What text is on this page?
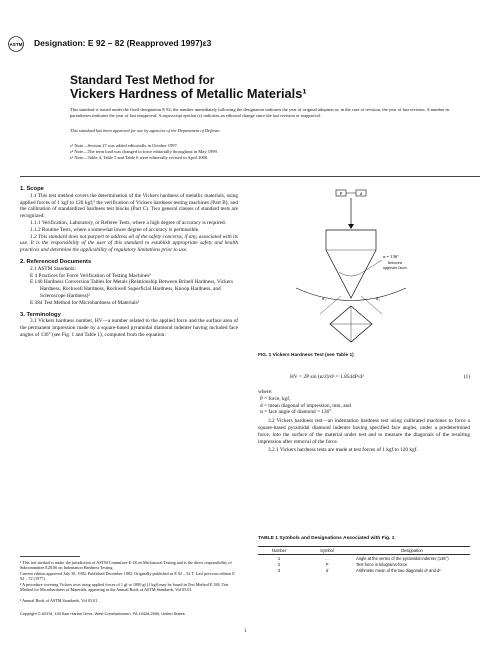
ASTM Designation: E 92 – 82 (Reapproved 1997)ε3
Standard Test Method for
Vickers Hardness of Metallic Materials¹
This standard is issued under the fixed designation E 92; the number immediately following the designation indicates the year of original adoption or, in the case of revision, the year of last revision. A number in parentheses indicates the year of last reapproval. A superscript epsilon (ε) indicates an editorial change since the last revision or reapproval.
This standard has been approved for use by agencies of the Department of Defense.
ε¹ Note—Section 27 was added editorially in October 1997.
ε² Note—The term load was changed to force editorially throughout in May 1999.
ε³ Note—Table 4, Table 5 and Table 6 were editorially revised in April 2000.

1. Scope

1.1 This test method covers the determination of the Vickers hardness of metallic materials, using applied forces of 1 kgf to 120 kgf,² the verification of Vickers hardness testing machines (Part B), and the calibration of standardized hardness test blocks (Part C). Two general classes of standard tests are recognized:

1.1.1 Verification, Laboratory, or Referee Tests, where a high degree of accuracy is required.

1.1.2 Routine Tests, where a somewhat lower degree of accuracy is permissible.

1.2 This standard does not purport to address all of the safety concerns, if any, associated with its use. It is the responsibility of the user of this standard to establish appropriate safety and health practices and determine the applicability of regulatory limitations prior to use.

2. Referenced Documents

2.1 ASTM Standards:

E 4 Practices for Force Verification of Testing Machines³

E 140 Hardness Conversion Tables for Metals (Relationship Between Brinell Hardness, Vickers Hardness, Rockwell Hardness, Rockwell Superficial Hardness, Knoop Hardness, and Scleroscope Hardness)³

E 384 Test Method for Microhardness of Materials³

3. Terminology

3.1 Vickers hardness number, HV—a number related to the applied force and the surface area of the permanent impression made by a square-based pyramidal diamond indenter having included face angles of 136° (see Fig. 1 and Table 1), computed from the equation:

¹ This test method is under the jurisdiction of ASTM Committee E-28 on Mechanical Testing and is the direct responsibility of Subcommittee E28.06 on Indentation Hardness Testing.
Current edition approved July 30, 1982. Published December 1982. Originally published as E 92 – 52 T. Last previous edition E 92 – 72 (1977).
² A procedure covering Vickers tests using applied forces of 1 gf to 1000 gf (1 kgf) may be found in Test Method E 384, Test Method for Microhardness of Materials, appearing in the Annual Book of ASTM Standards, Vol 03.01.
³ Annual Book of ASTM Standards, Vol 03.01.
P	d
α = 136°
between
opposite faces
d₁	d₂
FIG. 1 Vickers Hardness Test (see Table 1)
HV = 2P sin (α/2)/d² = 1.8544P/d²	(1)

where:

P = force, kgf,

d = mean diagonal of impression, mm, and

α = face angle of diamond = 136°.

3.2 Vickers hardness test—an indentation hardness test using calibrated machines to force a square-based pyramidal diamond indenter having specified face angles, under a predetermined force, into the surface of the material under test and to measure the diagonals of the resulting impression after removal of the force.

3.2.1 Vickers hardness tests are made at test forces of 1 kgf to 120 kgf.

TABLE 1 Symbols and Designations Associated with Fig. 1
Number	Symbol	Designation
1	...	Angle at the vertex of the pyramidal indenter (136°)
2	P	Test force in kilograms-force
3	d	Arithmetic mean of the two diagonals d¹ and d²
Copyright © ASTM, 100 Barr Harbor Drive, West Conshohocken, PA 19428-2959, United States.
1
